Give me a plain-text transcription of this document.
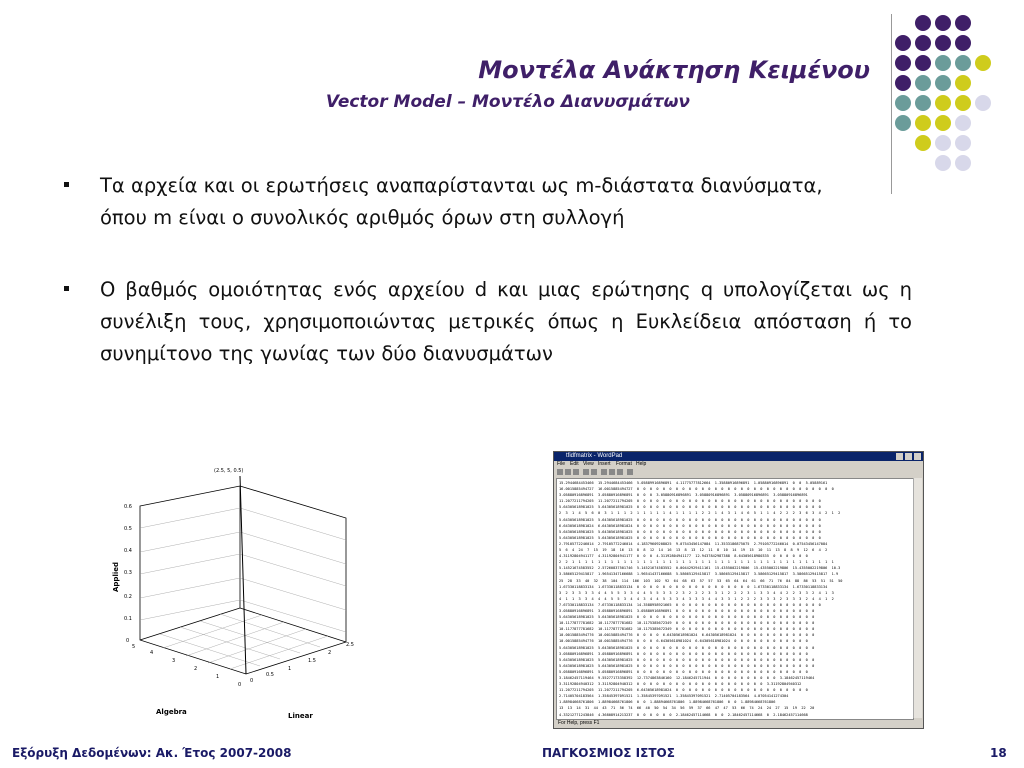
Μοντέλα Ανάκτηση Κειμένου
Vector Model – Μοντέλο Διανυσμάτων
Τα αρχεία και οι ερωτήσεις αναπαρίστανται ως m-διάστατα διανύσματα,
όπου m είναι ο συνολικός αριθμός όρων στη συλλογή
Ο βαθμός ομοιότητας ενός αρχείου d και μιας ερώτησης q υπολογίζεται ως η συνέλιξη τους, χρησιμοποιώντας μετρικές όπως η Ευκλείδεια απόσταση ή το συνημίτονο της γωνίας των δύο διανυσμάτων
(2.5, 5, 0.5)
0
0.1
0.2
0.3
0.4
0.5
0.6
0
1
2
3
4
5
0
0.5
1
1.5
2
2.5
Applied
Algebra	Linear
tfidfmatrix - WordPad
File Edit View Insert Format Help
15.2944684453466  15.2944684453466  5.05889916896891  4.11775777812664  1.35880916896891  1.05880916896891  0  0  5.05889161
16.0015885494727  16.0015885494727  0  0  0  0  0  0  0  0  0  0  0  0  0  0  0  0  0  0  0  0  0  0  0  0  0  0  0  0  0  0  0
3.05880916896891  3.05880916896891  0  0  0  3.05880916896891  3.05880916896891  3.05880916896891  3.05880916896891
11.2077211794205  11.2077211794205  0  0  0  0  0  0  0  0  0  0  0  0  0  0  0  0  0  0  0  0  0  0  0  0  0  0  0  0  0
5.64305618981025  5.64305618981025  0  0  0  0  0  0  0  0  0  0  0  0  0  0  0  0  0  0  0  0  0  0  0  0  0  0  0  0  0
2  3  1  4  5  6  0  3  1  1  1  2  1  1  1  1  1  4  1  1  1  1  2  2  1  4  3  1  4  6  5  1  1  4  2  2  2  3  6  3  4  2  1  2
5.64305618981025  5.64305618981025  0  0  0  0  0  0  0  0  0  0  0  0  0  0  0  0  0  0  0  0  0  0  0  0  0  0  0  0  0
6.64305618981024  6.64305618981024  0  0  0  0  0  0  0  0  0  0  0  0  0  0  0  0  0  0  0  0  0  0  0  0  0  0  0  0  0
5.64305618981025  5.64305618981025  0  0  0  0  0  0  0  0  0  0  0  0  0  0  0  0  0  0  0  0  0  0  0  0  0  0  0  0  0
5.64305618981025  5.64305618981025  0  0  0  0  0  0  0  0  0  0  0  0  0  0  0  0  0  0  0  0  0  0  0  0  0  0  0  0  0
2.79105772246014  2.79105772246014  4.18379609208025  9.07543456147084  11.3533186875075  2.79105772246014  0.07543456147084
5  6  4  24  7  15  19  18  16  13  8  8  12  14  16  13  8  13  12  11  8  10  14  19  15  10  11  13  8  8  9  12  6  4  2
4.31192804941177  4.31192804941177  0  0  0  4.31192804941177  12.9437842987388  8.64305618980335  0  0  0  0  0  0
2  2  1  1  1  1  1  1  1  1  1  1  1  1  1  1  1  1  1  1  1  1  1  1  1  1  1  1  1  1  1  1  1  1  1  1  1  1  1  1  1  1  1
5.14521674583552  2.57260837501746  5.14521674583552  0.00442929411161  15.4355002219806  15.4355002219806  15.4355002219806  10.3
3.58665129415817  1.96541347166688  1.96541437166688  5.58665129415817  3.58665129415817  3.58665129415817  3.58665129415817  1.9
25  28  33  40  32  38  104  114  106  103  102  92  64  68  63  57  57  53  65  64  64  61  66  71  76  84  88  86  53  51  51  50
1.67330118833134  1.67330118833134  0  0  0  0  0  0  0  0  0  0  0  0  0  0  0  0  0  0  1.67330118833134  1.67330118833134
3  2  3  3  3  3  4  4  5  5  3  3  4  4  5  5  3  3  2  3  2  2  2  3  3  1  2  2  2  3  1  3  3  4  4  2  2  3  3  2  4  1  3
4  1  1  3  3  4  4  4  5  5  3  4  4  3  4  4  5  3  3  4  3  3  3  4  4  3  3  1  2  2  2  3  3  3  2  3  3  3  2  4  4  1  2
7.67330118833134  7.67330118833134  14.3588958921665  0  0  0  0  0  0  0  0  0  0  0  0  0  0  0  0  0  0  0  0  0  0  0
3.05880916896891  3.05880916896891  3.05880916896891  0  0  0  0  0  0  0  0  0  0  0  0  0  0  0  0  0  0  0  0  0  0
5.64305618981025  5.64305618981025  0  0  0  0  0  0  0  0  0  0  0  0  0  0  0  0  0  0  0  0  0  0  0  0  0  0  0  0
10.1177877781682  10.1177877781682  10.1175385672349  0  0  0  0  0  0  0  0  0  0  0  0  0  0  0  0  0  0  0  0  0  0
10.1177877781682  10.1177877781682  10.1175385672349  0  0  0  0  0  0  0  0  0  0  0  0  0  0  0  0  0  0  0  0  0  0
10.0015885494776  10.0015885494776  0  0  0  0  6.64305618981024  6.64305618981024  0  0  0  0  0  0  0  0  0  0  0  0
10.0015885494776  10.0015885494776  0  0  0  6.64305618981024  6.64305618981024  0  0  0  0  0  0  0  0  0  0  0  0
5.64305618981025  5.64305618981025  0  0  0  0  0  0  0  0  0  0  0  0  0  0  0  0  0  0  0  0  0  0  0  0  0  0  0  0
3.05880916896891  3.05880916896891  0  0  0  0  0  0  0  0  0  0  0  0  0  0  0  0  0  0  0  0  0  0  0  0  0  0  0
5.64305618981025  5.64305618981025  0  0  0  0  0  0  0  0  0  0  0  0  0  0  0  0  0  0  0  0  0  0  0  0  0  0  0  0
5.64305618981025  5.64305618981025  0  0  0  0  0  0  0  0  0  0  0  0  0  0  0  0  0  0  0  0  0  0  0  0  0  0  0  0
5.05880916896891  5.05880916896891  0  0  0  0  0  0  0  0  0  0  0  0  0  0  0  0  0  0  0  0  0  0  0  0  0  0  0
3.18462457119464  9.55277173358392  12.7374863846160  12.1846245711944  0  0  0  0  0  0  0  0  0  0  3.18462457119464
3.31192804940312  3.31192804940312  0  0  0  0  0  0  0  0  0  0  0  0  0  0  0  0  0  0  0  0  3.31192804940312
11.2077211794205  11.2077211794205  6.64305618981024  0  0  0  0  0  0  0  0  0  0  0  0  0  0  0  0  0  0  0  0  0
2.71405704183564  1.35845397091521  1.35845397091521  1.35845397091521  2.71405704183564  4.07054141274304
1.88984668761806  1.88984668761806  0  0  1.88894668761806  1.88984668761806  0  0  1.88984668761806
13  13  14  31  44  43  71  56  74  66  40  50  54  34  56  59  37  66  47  47  53  66  74  24  24  27  15  19  22  20
4.33212771243846  4.36808914213237  0  0  0  0  0  0  2.18462457114668  0  0  2.18462457114668  0  2.18462457114668
For Help, press F1
Εξόρυξη Δεδομένων: Ακ. Έτος 2007-2008	ΠΑΓΚΟΣΜΙΟΣ ΙΣΤΟΣ	18
